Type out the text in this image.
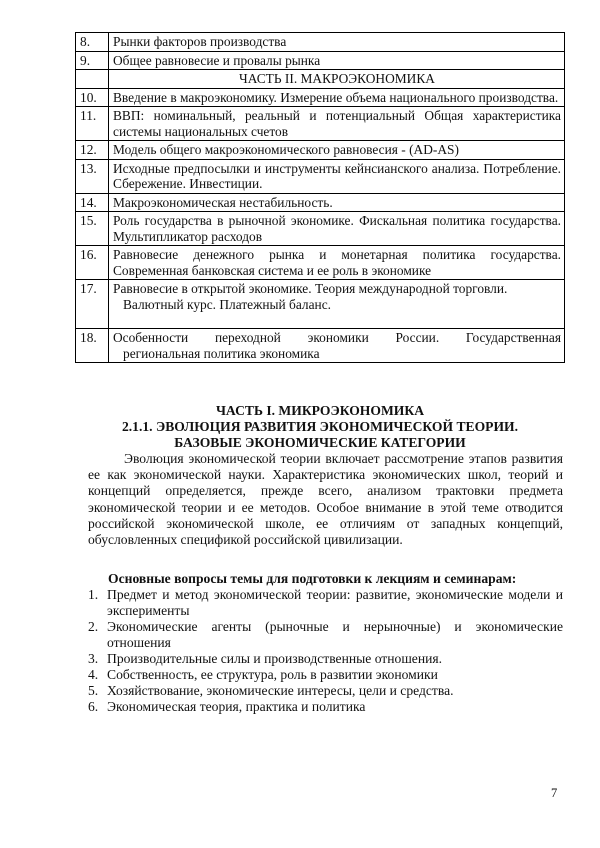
8.	Рынки факторов производства
9.	Общее равновесие и провалы рынка
	ЧАСТЬ II. МАКРОЭКОНОМИКА
10.	Введение в макроэкономику. Измерение объема национального производства.
11.	ВВП: номинальный, реальный и потенциальный Общая характеристика системы национальных счетов
12.	Модель общего макроэкономического равновесия - (AD-AS)
13.	Исходные предпосылки и инструменты кейнсианского анализа. Потребление. Сбережение. Инвестиции.
14.	Макроэкономическая нестабильность.
15.	Роль государства в рыночной экономике. Фискальная политика государства. Мультипликатор расходов
16.	Равновесие денежного рынка и монетарная политика государства. Современная банковская система и ее роль в экономике
17.	Равновесие в открытой экономике. Теория международной торговли.
Валютный курс. Платежный баланс.

18.	Особенности переходной экономики России. Государственная
региональная политика экономика
ЧАСТЬ I. МИКРОЭКОНОМИКА
2.1.1. ЭВОЛЮЦИЯ РАЗВИТИЯ ЭКОНОМИЧЕСКОЙ ТЕОРИИ.
БАЗОВЫЕ ЭКОНОМИЧЕСКИЕ КАТЕГОРИИ

Эволюция экономической теории включает рассмотрение этапов развития ее как экономической науки. Характеристика экономических школ, теорий и концепций определяется, прежде всего, анализом трактовки предмета экономической теории и ее методов. Особое внимание в этой теме отводится российской экономической школе, ее отличиям от западных концепций, обусловленных спецификой российской цивилизации.

Основные вопросы темы для подготовки к лекциям и семинарам:
1. Предмет и метод экономической теории: развитие, экономические модели и эксперименты
2. Экономические агенты (рыночные и нерыночные) и экономические отношения
3. Производительные силы и производственные отношения.
4. Собственность, ее структура, роль в развитии экономики
5. Хозяйствование, экономические интересы, цели и средства.
6. Экономическая теория, практика и политика
7
